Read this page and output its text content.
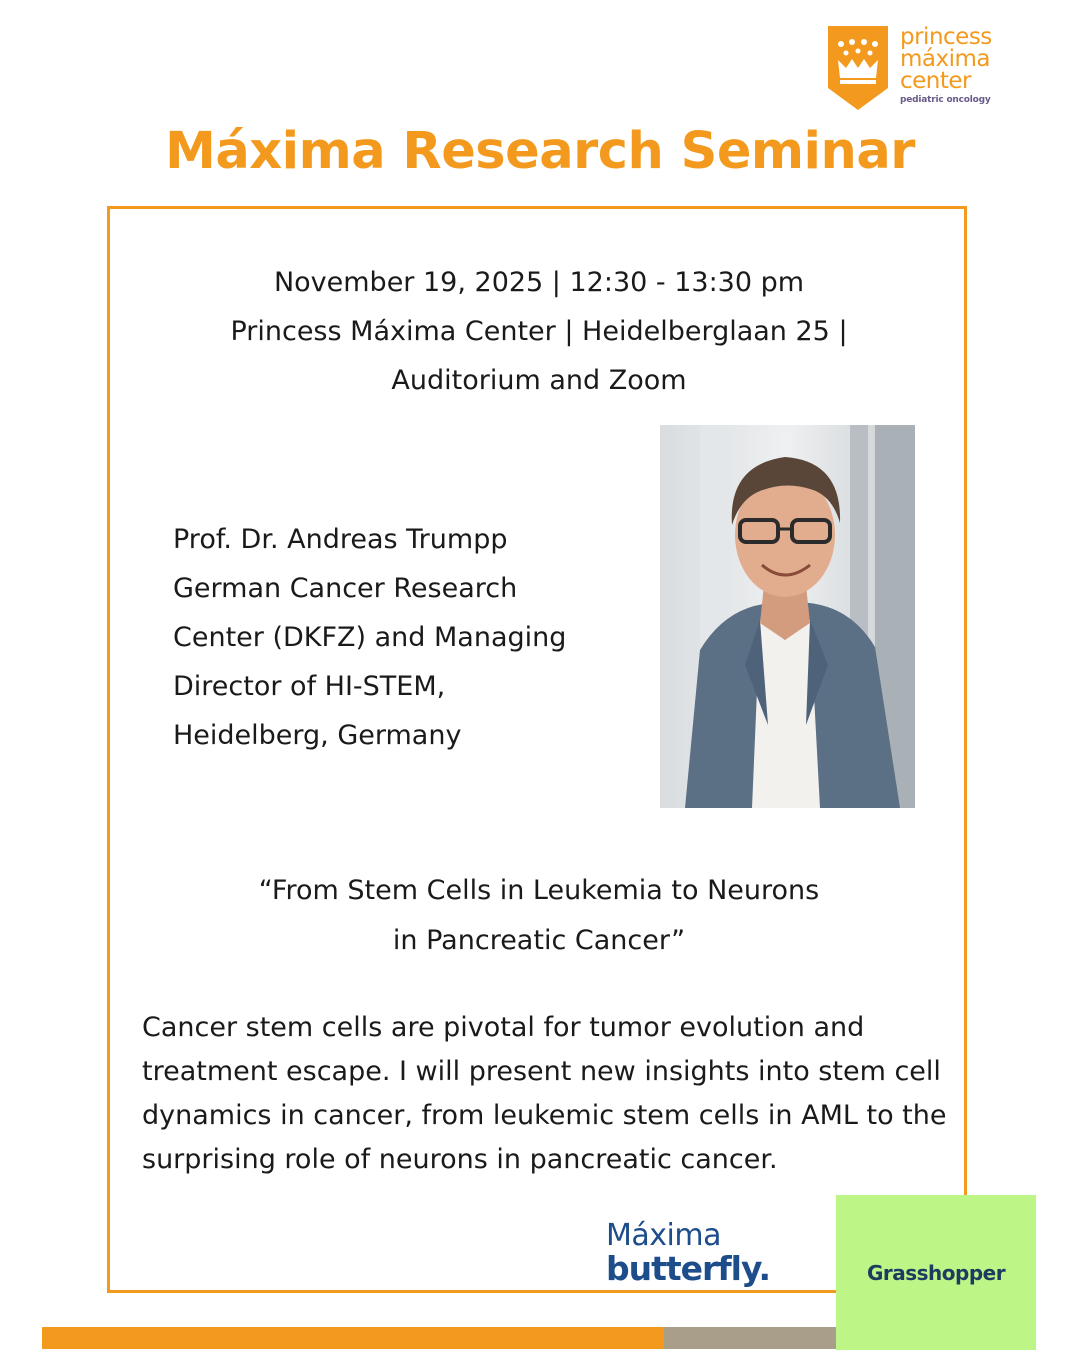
princess
máxima
center
pediatric oncology
Máxima Research Seminar
November 19, 2025 | 12:30 - 13:30 pm
Princess Máxima Center | Heidelberglaan 25 |
Auditorium and Zoom
Prof. Dr. Andreas Trumpp
German Cancer Research
Center (DKFZ) and Managing
Director of HI-STEM,
Heidelberg, Germany
“From Stem Cells in Leukemia to Neurons
in Pancreatic Cancer”
Cancer stem cells are pivotal for tumor evolution and treatment escape. I will present new insights into stem cell dynamics in cancer, from leukemic stem cells in AML to the surprising role of neurons in pancreatic cancer.
Máxima
butterfly.	Grasshopper
